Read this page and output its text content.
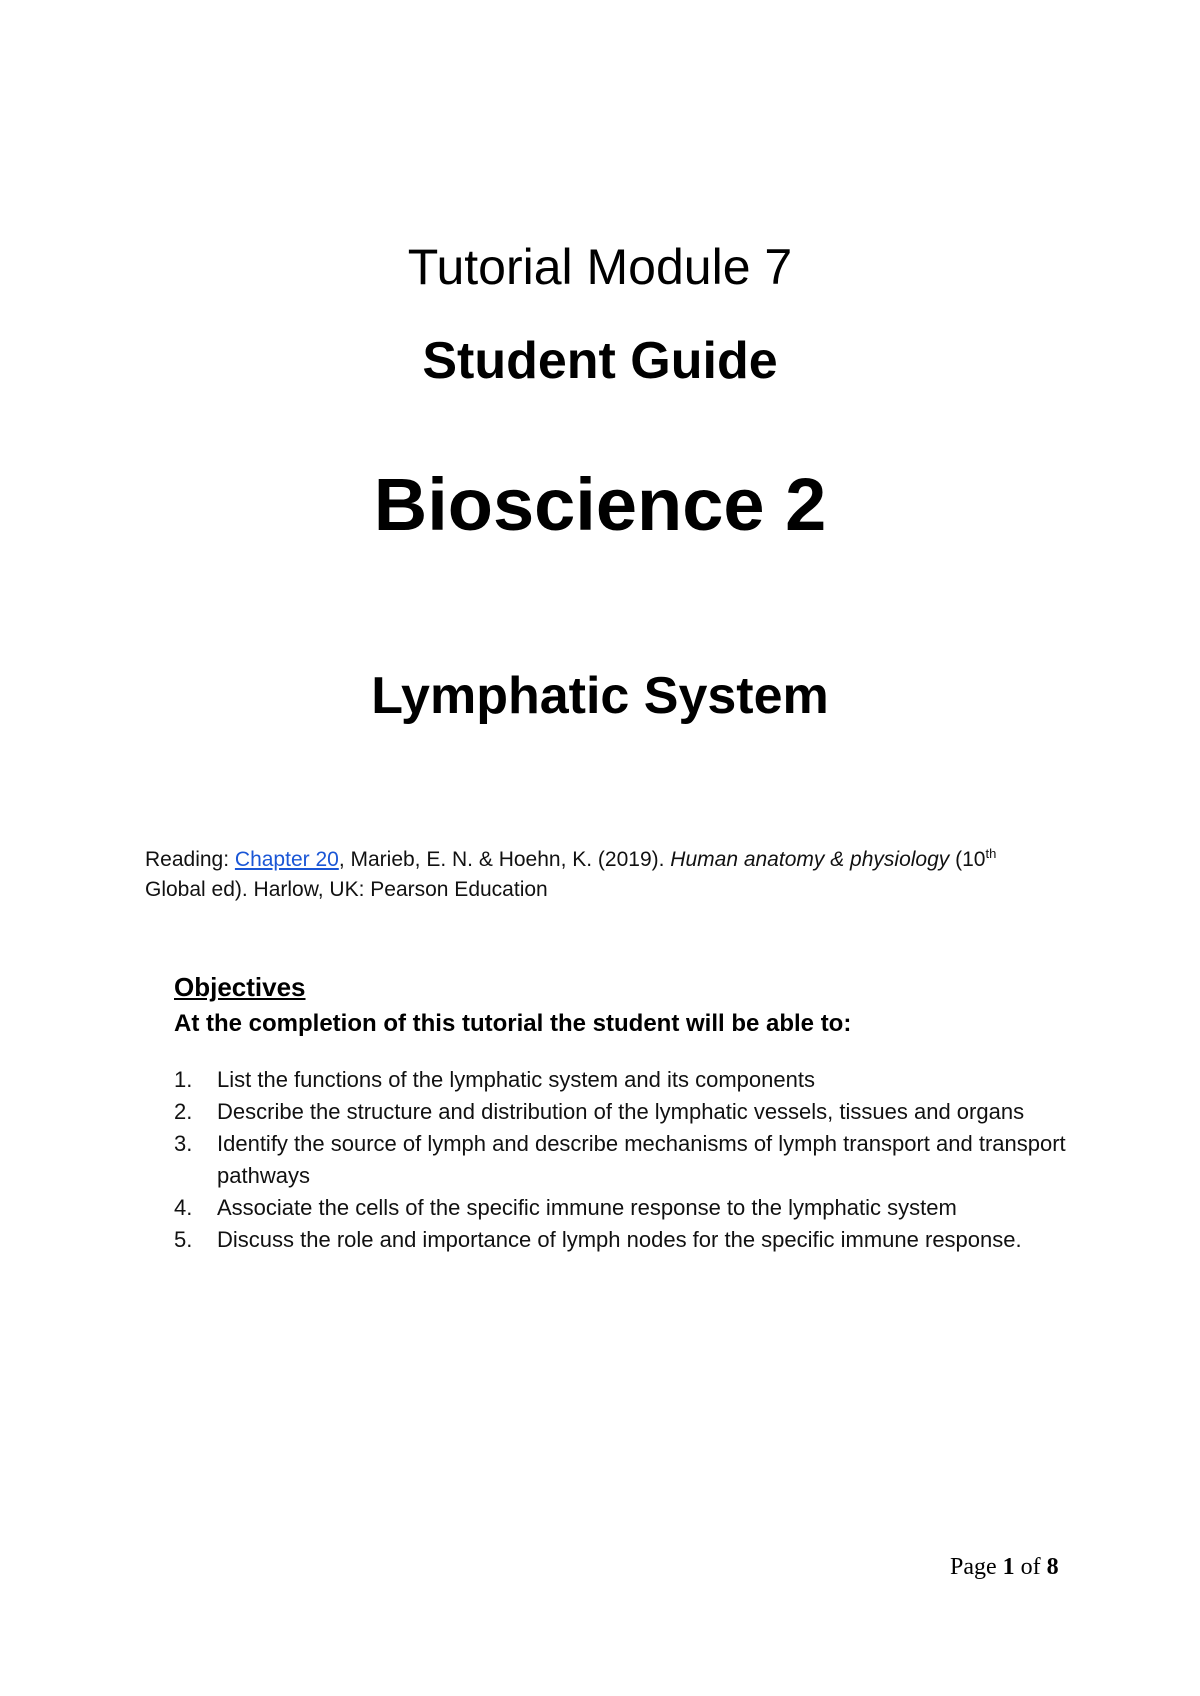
Tutorial Module 7
Student Guide
Bioscience 2
Lymphatic System
Reading: Chapter 20, Marieb, E. N. & Hoehn, K. (2019). Human anatomy & physiology (10th
Global ed). Harlow, UK: Pearson Education

Objectives

At the completion of this tutorial the student will be able to:

1. List the functions of the lymphatic system and its components
2. Describe the structure and distribution of the lymphatic vessels, tissues and organs
3. Identify the source of lymph and describe mechanisms of lymph transport and transport pathways
4. Associate the cells of the specific immune response to the lymphatic system
5. Discuss the role and importance of lymph nodes for the specific immune response.
Page 1 of 8
